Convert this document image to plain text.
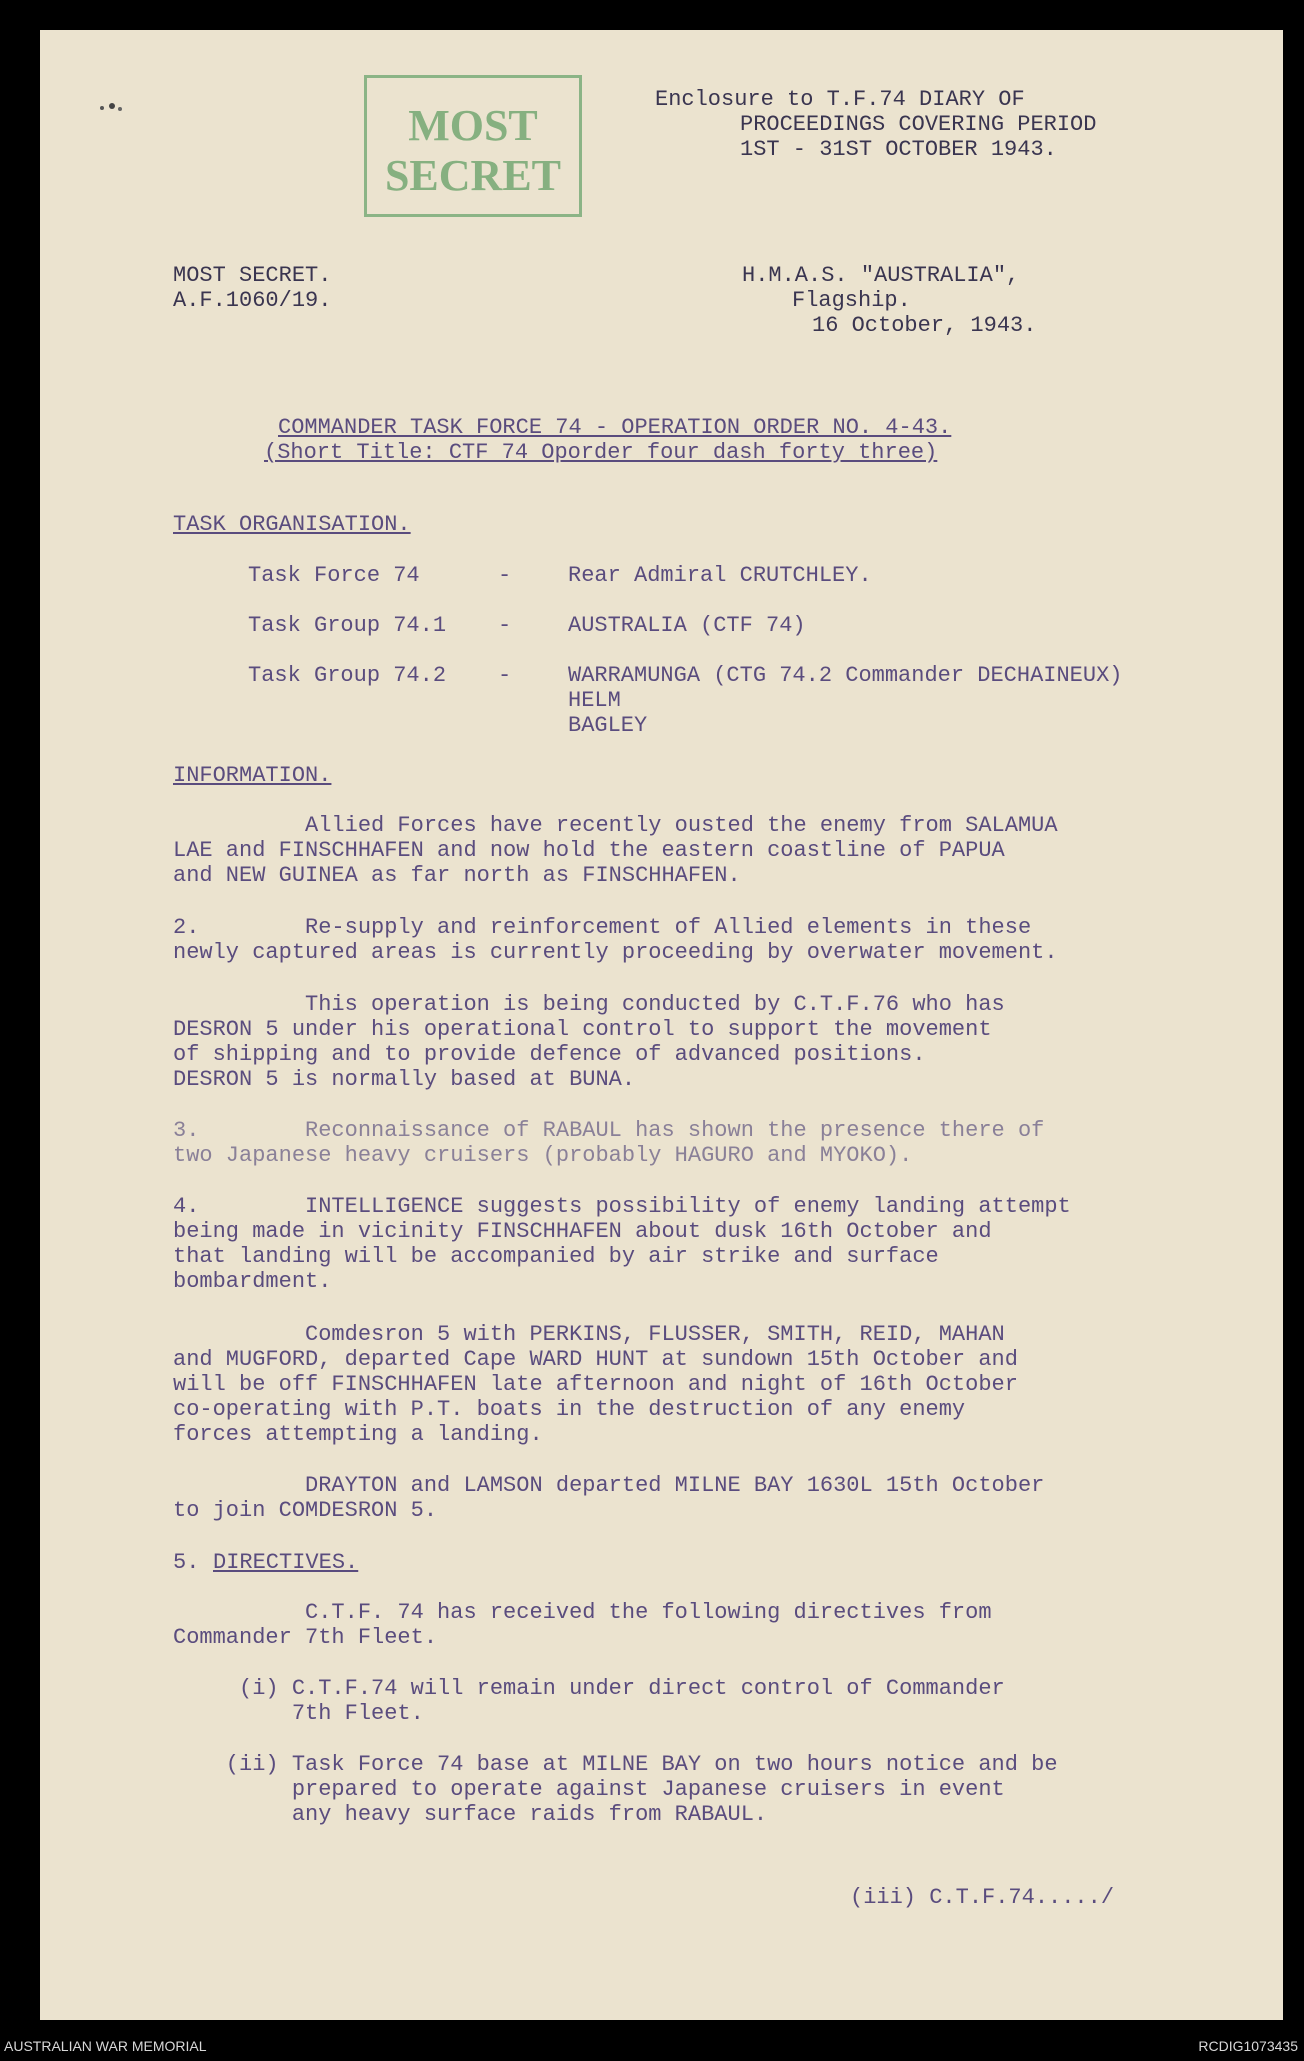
MOST
SECRET
Enclosure to T.F.74 DIARY OF
PROCEEDINGS COVERING PERIOD
1ST - 31ST OCTOBER 1943.
MOST SECRET.
A.F.1060/19.
H.M.A.S. "AUSTRALIA",
Flagship.
16 October, 1943.
COMMANDER TASK FORCE 74 - OPERATION ORDER NO. 4-43.
(Short Title: CTF 74 Oporder four dash forty three)
TASK ORGANISATION.
Task Force 74	-	Rear Admiral CRUTCHLEY.
Task Group 74.1 -	AUSTRALIA (CTF 74)
Task Group 74.2 -	WARRAMUNGA (CTG 74.2 Commander DECHAINEUX)
HELM
BAGLEY
INFORMATION.
Allied Forces have recently ousted the enemy from SALAMUA
LAE and FINSCHHAFEN and now hold the eastern coastline of PAPUA
and NEW GUINEA as far north as FINSCHHAFEN.
2.        Re-supply and reinforcement of Allied elements in these
newly captured areas is currently proceeding by overwater movement.
This operation is being conducted by C.T.F.76 who has
DESRON 5 under his operational control to support the movement
of shipping and to provide defence of advanced positions.
DESRON 5 is normally based at BUNA.
3.        Reconnaissance of RABAUL has shown the presence there of
two Japanese heavy cruisers (probably HAGURO and MYOKO).
4.        INTELLIGENCE suggests possibility of enemy landing attempt
being made in vicinity FINSCHHAFEN about dusk 16th October and
that landing will be accompanied by air strike and surface
bombardment.
Comdesron 5 with PERKINS, FLUSSER, SMITH, REID, MAHAN
and MUGFORD, departed Cape WARD HUNT at sundown 15th October and
will be off FINSCHHAFEN late afternoon and night of 16th October
co-operating with P.T. boats in the destruction of any enemy
forces attempting a landing.
DRAYTON and LAMSON departed MILNE BAY 1630L 15th October
to join COMDESRON 5.
5. DIRECTIVES.
C.T.F. 74 has received the following directives from
Commander 7th Fleet.
(i) C.T.F.74 will remain under direct control of Commander
7th Fleet.
(ii) Task Force 74 base at MILNE BAY on two hours notice and be
prepared to operate against Japanese cruisers in event
any heavy surface raids from RABAUL.
(iii) C.T.F.74...../
AUSTRALIAN WAR MEMORIAL	RCDIG1073435
